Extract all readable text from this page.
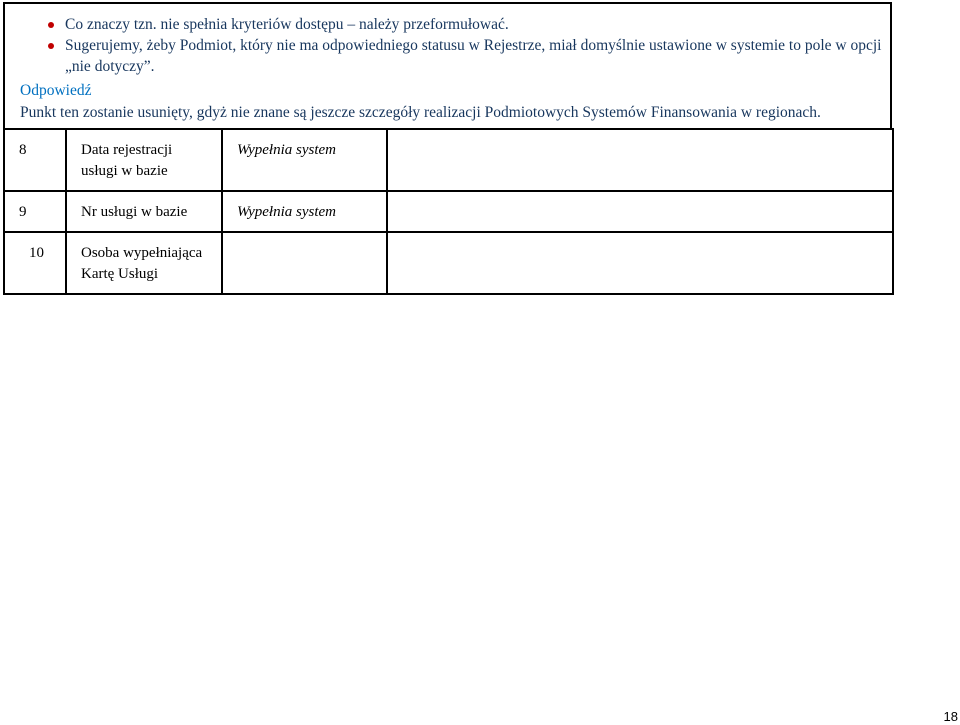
Co znaczy tzn. nie spełnia kryteriów dostępu – należy przeformułować.
Sugerujemy, żeby Podmiot, który nie ma odpowiedniego statusu w Rejestrze, miał domyślnie ustawione w systemie to pole w opcji „nie dotyczy”.
Odpowiedź
Punkt ten zostanie usunięty, gdyż nie znane są jeszcze szczegóły realizacji Podmiotowych Systemów Finansowania w regionach.
8	Data rejestracji usługi w bazie	Wypełnia system	
9	Nr usługi w bazie	Wypełnia system	
10	Osoba wypełniająca Kartę Usługi		
18
